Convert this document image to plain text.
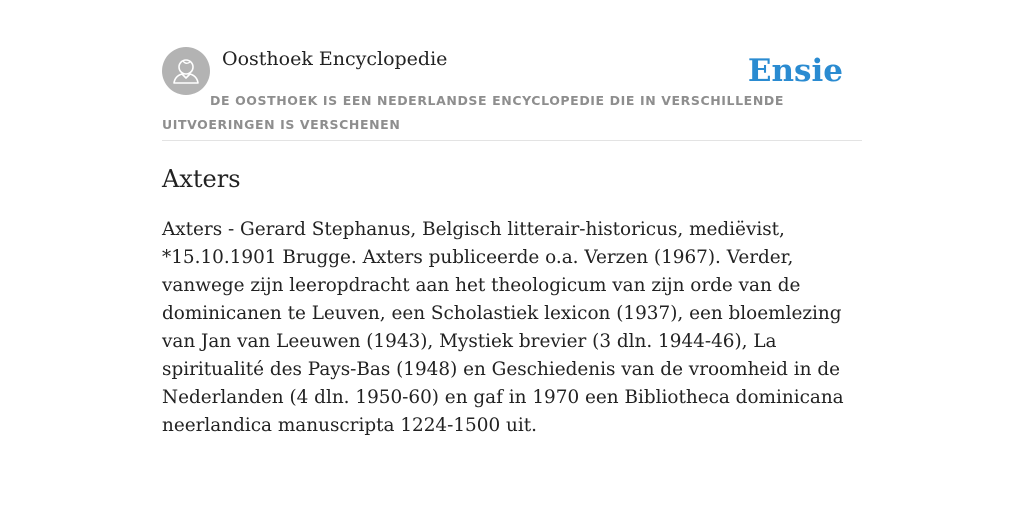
Oosthoek Encyclopedie	Ensie
DE OOSTHOEK IS EEN NEDERLANDSE ENCYCLOPEDIE DIE IN VERSCHILLENDE UITVOERINGEN IS VERSCHENEN
Axters

Axters - Gerard Stephanus, Belgisch litterair-historicus, mediëvist, *15.10.1901 Brugge. Axters publiceerde o.a. Verzen (1967). Verder, vanwege zijn leeropdracht aan het theologicum van zijn orde van de dominicanen te Leuven, een Scholastiek lexicon (1937), een bloemlezing van Jan van Leeuwen (1943), Mystiek brevier (3 dln. 1944-46), La spiritualité des Pays-Bas (1948) en Geschiedenis van de vroomheid in de Nederlanden (4 dln. 1950-60) en gaf in 1970 een Bibliotheca dominicana neerlandica manuscripta 1224-1500 uit.
